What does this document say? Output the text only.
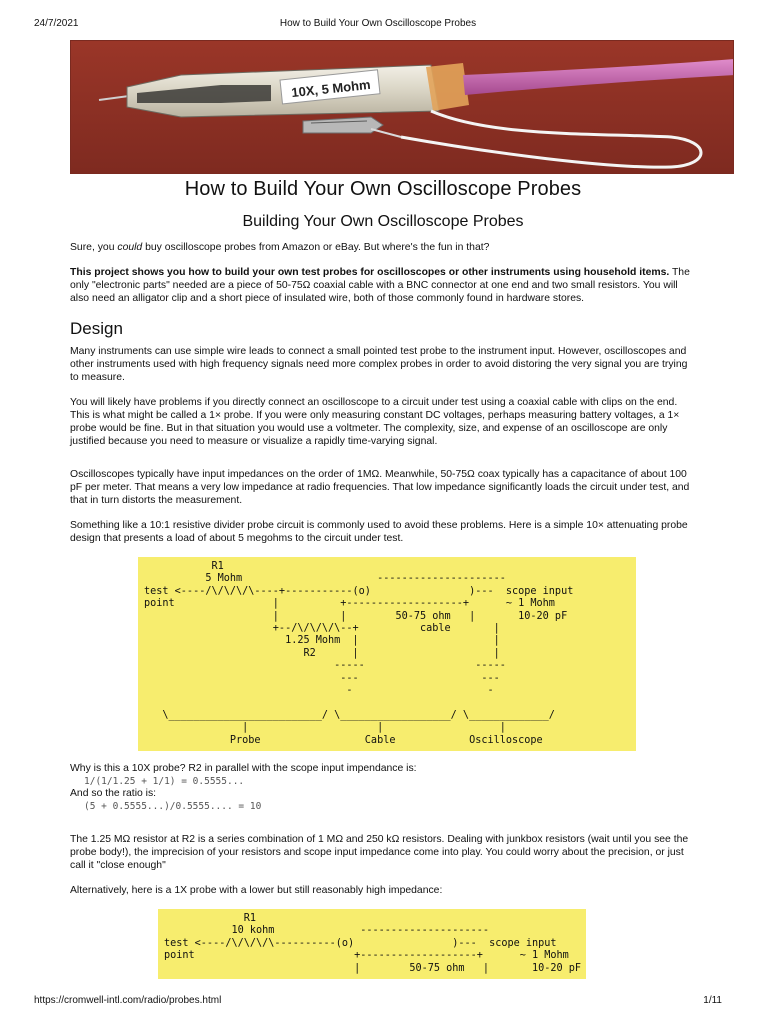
24/7/2021	How to Build Your Own Oscilloscope Probes
10X, 5 Mohm
How to Build Your Own Oscilloscope Probes
Building Your Own Oscilloscope Probes

Sure, you could buy oscilloscope probes from Amazon or eBay. But where's the fun in that?

This project shows you how to build your own test probes for oscilloscopes or other instruments using household items. The only "electronic parts" needed are a piece of 50-75Ω coaxial cable with a BNC connector at one end and two small resistors. You will also need an alligator clip and a short piece of insulated wire, both of those commonly found in hardware stores.

Design

Many instruments can use simple wire leads to connect a small pointed test probe to the instrument input. However, oscilloscopes and other instruments used with high frequency signals need more complex probes in order to avoid distoring the very signal you are trying to measure.

You will likely have problems if you directly connect an oscilloscope to a circuit under test using a coaxial cable with clips on the end. This is what might be called a 1× probe. If you were only measuring constant DC voltages, perhaps measuring battery voltages, a 1× probe would be fine. But in that situation you would use a voltmeter. The complexity, size, and expense of an oscilloscope are only justified because you need to measure or visualize a rapidly time-varying signal.

Oscilloscopes typically have input impedances on the order of 1MΩ. Meanwhile, 50-75Ω coax typically has a capacitance of about 100 pF per meter. That means a very low impedance at radio frequencies. That low impedance significantly loads the circuit under test, and that in turn distorts the measurement.

Something like a 10:1 resistive divider probe circuit is commonly used to avoid these problems. Here is a simple 10× attenuating probe design that presents a load of about 5 megohms to the circuit under test.

R1
5 Mohm                      ---------------------
test <----/\/\/\/\----+-----------(o)                )---  scope input
point                |          +-------------------+      ~ 1 Mohm
|          |        50-75 ohm   |       10-20 pF
+--/\/\/\/\--+          cable       |
1.25 Mohm  |                      |
R2      |                      |
-----                  -----
---                    ---
-                      -

\_________________________/ \__________________/ \_____________/
|                     |                   |
Probe                 Cable            Oscilloscope
Why is this a 10X probe? R2 in parallel with the scope input impendance is:
1/(1/1.25 + 1/1) = 0.5555...
And so the ratio is:
(5 + 0.5555...)/0.5555.... = 10

The 1.25 MΩ resistor at R2 is a series combination of 1 MΩ and 250 kΩ resistors. Dealing with junkbox resistors (wait until you see the probe body!), the imprecision of your resistors and scope input impedance come into play. You could worry about the precision, or just call it "close enough"

Alternatively, here is a 1X probe with a lower but still reasonably high impedance:

R1
10 kohm              ---------------------
test <----/\/\/\/\----------(o)                )---  scope input
point                          +-------------------+      ~ 1 Mohm
|        50-75 ohm   |       10-20 pF
https://cromwell-intl.com/radio/probes.html	1/11
